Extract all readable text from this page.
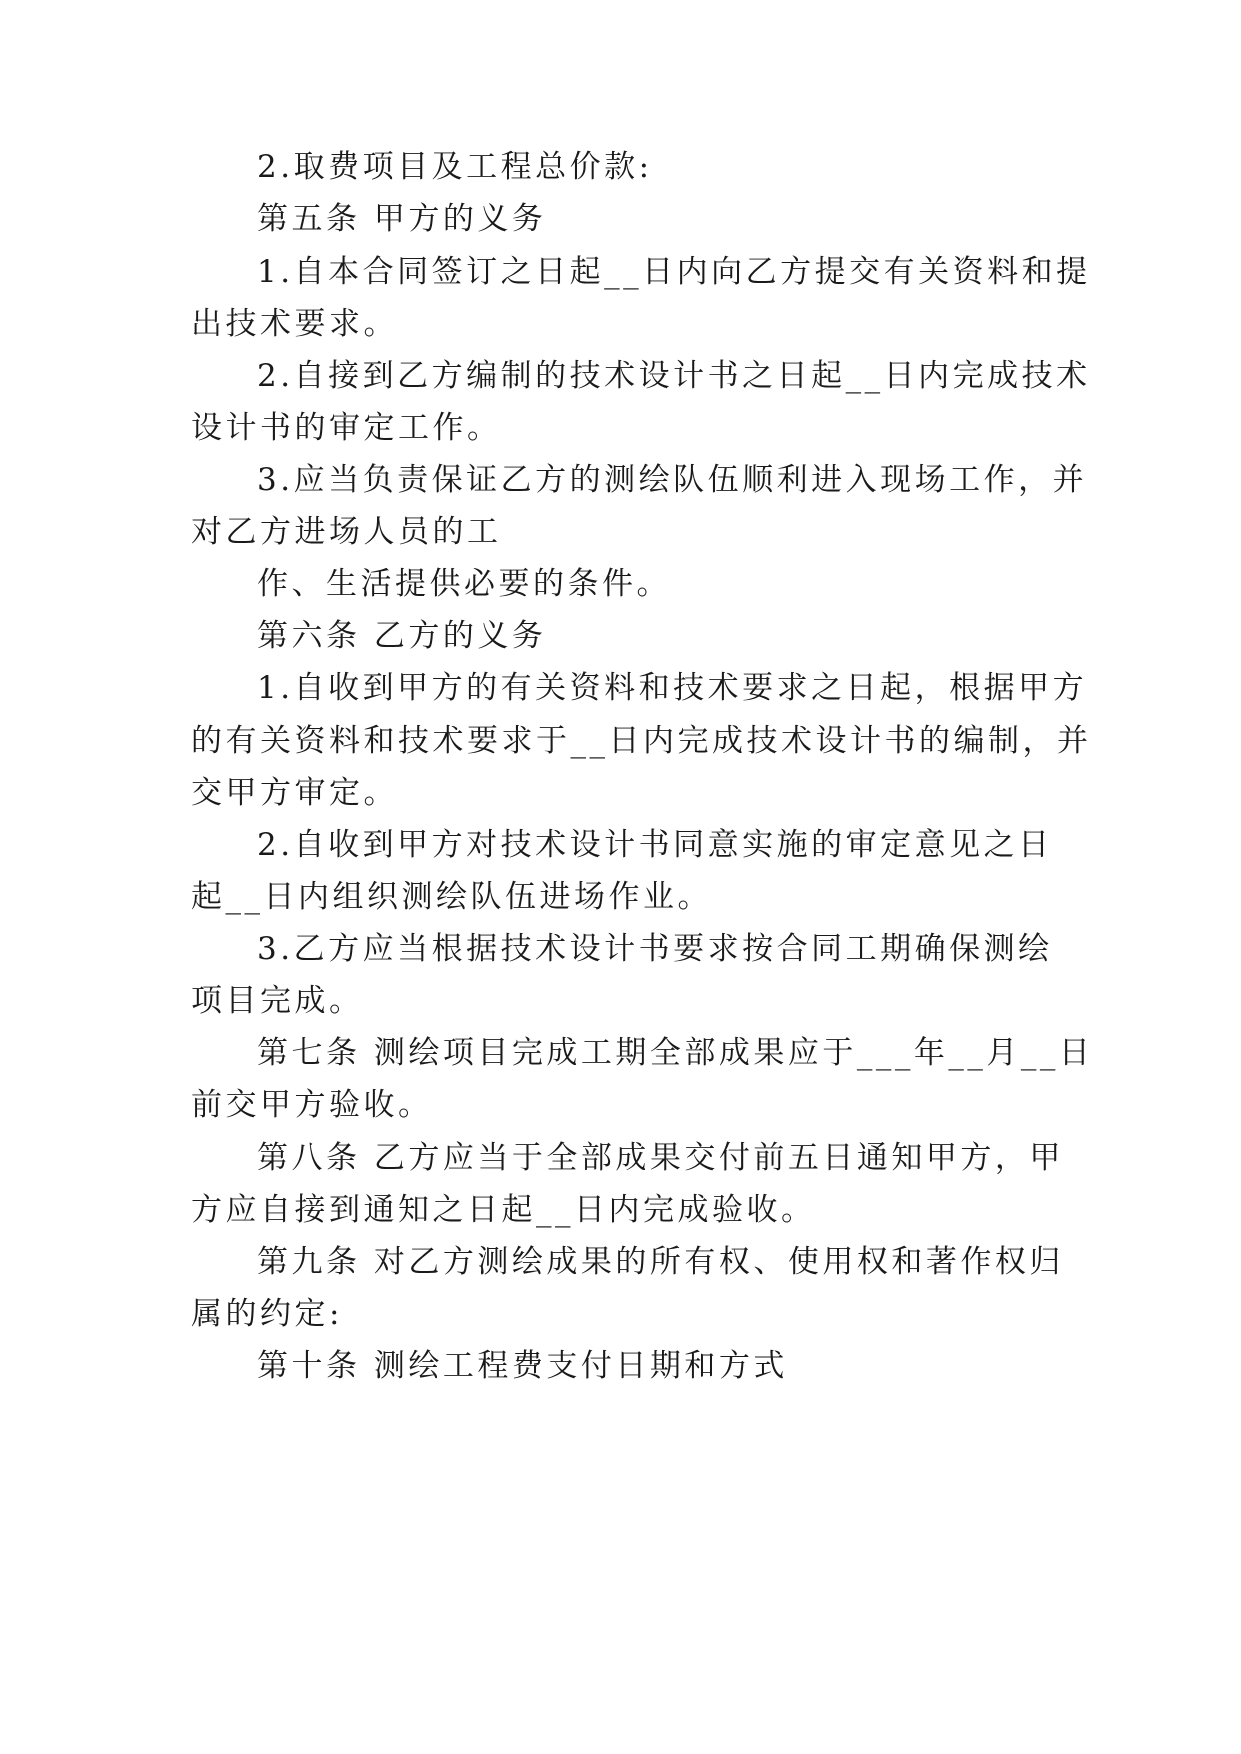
2.取费项目及工程总价款:
第五条 甲方的义务
1.自本合同签订之日起__日内向乙方提交有关资料和提
出技术要求。
2.自接到乙方编制的技术设计书之日起__日内完成技术
设计书的审定工作。
3.应当负责保证乙方的测绘队伍顺利进入现场工作，并
对乙方进场人员的工
作、生活提供必要的条件。
第六条 乙方的义务
1.自收到甲方的有关资料和技术要求之日起，根据甲方
的有关资料和技术要求于__日内完成技术设计书的编制，并
交甲方审定。
2.自收到甲方对技术设计书同意实施的审定意见之日
起__日内组织测绘队伍进场作业。
3.乙方应当根据技术设计书要求按合同工期确保测绘
项目完成。
第七条 测绘项目完成工期全部成果应于___年__月__日
前交甲方验收。
第八条 乙方应当于全部成果交付前五日通知甲方，甲
方应自接到通知之日起__日内完成验收。
第九条 对乙方测绘成果的所有权、使用权和著作权归
属的约定:
第十条 测绘工程费支付日期和方式
